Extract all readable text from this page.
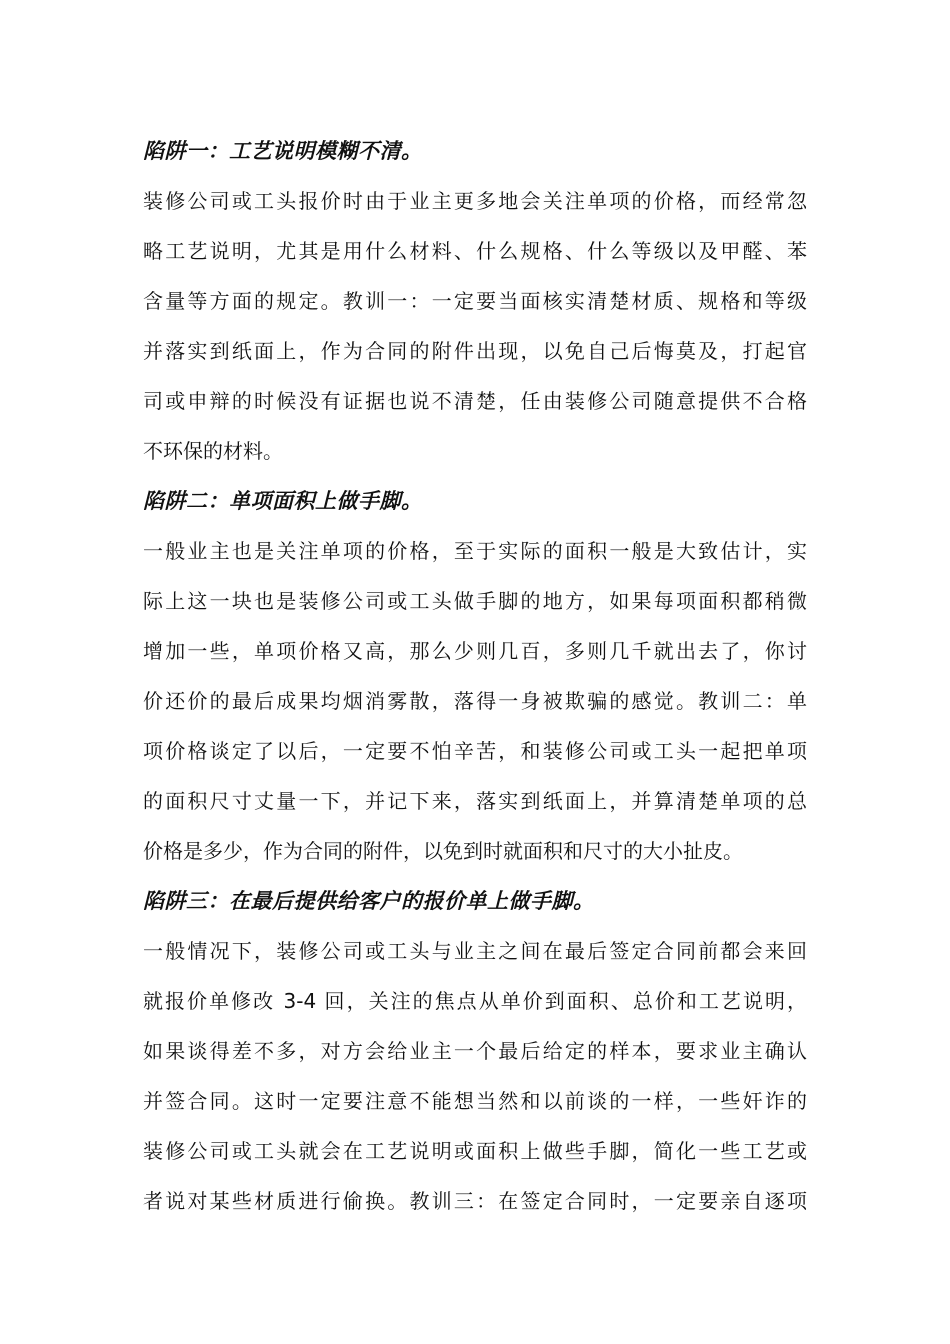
陷阱一：工艺说明模糊不清。
装修公司或工头报价时由于业主更多地会关注单项的价格，而经常忽
略工艺说明，尤其是用什么材料、什么规格、什么等级以及甲醛、苯
含量等方面的规定。教训一：一定要当面核实清楚材质、规格和等级
并落实到纸面上，作为合同的附件出现，以免自己后悔莫及，打起官
司或申辩的时候没有证据也说不清楚，任由装修公司随意提供不合格
不环保的材料。
陷阱二：单项面积上做手脚。
一般业主也是关注单项的价格，至于实际的面积一般是大致估计，实
际上这一块也是装修公司或工头做手脚的地方，如果每项面积都稍微
增加一些，单项价格又高，那么少则几百，多则几千就出去了，你讨
价还价的最后成果均烟消雾散，落得一身被欺骗的感觉。教训二：单
项价格谈定了以后，一定要不怕辛苦，和装修公司或工头一起把单项
的面积尺寸丈量一下，并记下来，落实到纸面上，并算清楚单项的总
价格是多少，作为合同的附件，以免到时就面积和尺寸的大小扯皮。
陷阱三：在最后提供给客户的报价单上做手脚。
一般情况下，装修公司或工头与业主之间在最后签定合同前都会来回
就报价单修改 3-4 回，关注的焦点从单价到面积、总价和工艺说明，
如果谈得差不多，对方会给业主一个最后给定的样本，要求业主确认
并签合同。这时一定要注意不能想当然和以前谈的一样，一些奸诈的
装修公司或工头就会在工艺说明或面积上做些手脚，简化一些工艺或
者说对某些材质进行偷换。教训三：在签定合同时，一定要亲自逐项
